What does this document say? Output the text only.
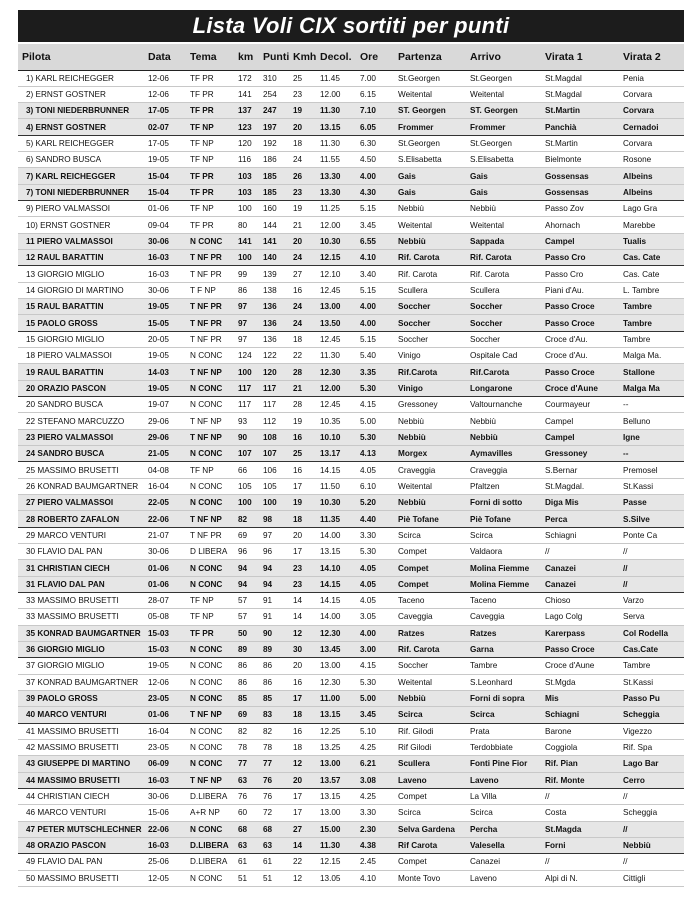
Lista Voli CIX sortiti per punti
Pilota	Data	Tema	km	Punti	Kmh	Decol.	Ore	Partenza	Arrivo	Virata 1	Virata 2
1) KARL REICHEGGER	12-06	TF PR	172	310	25	11.45	7.00	St.Georgen	St.Georgen	St.Magdal	Penia
2) ERNST GOSTNER	12-06	TF PR	141	254	23	12.00	6.15	Weitental	Weitental	St.Magdal	Corvara
3) TONI NIEDERBRUNNER	17-05	TF PR	137	247	19	11.30	7.10	ST. Georgen	ST. Georgen	St.Martin	Corvara
4) ERNST GOSTNER	02-07	TF NP	123	197	20	13.15	6.05	Frommer	Frommer	Panchià	Cernadoi
5) KARL REICHEGGER	17-05	TF NP	120	192	18	11.30	6.30	St.Georgen	St.Georgen	St.Martin	Corvara
6) SANDRO BUSCA	19-05	TF NP	116	186	24	11.55	4.50	S.Elisabetta	S.Elisabetta	Bielmonte	Rosone
7) KARL REICHEGGER	15-04	TF PR	103	185	26	13.30	4.00	Gais	Gais	Gossensas	Albeins
7) TONI NIEDERBRUNNER	15-04	TF PR	103	185	23	13.30	4.30	Gais	Gais	Gossensas	Albeins
9) PIERO VALMASSOI	01-06	TF NP	100	160	19	11.25	5.15	Nebbiù	Nebbiù	Passo Zov	Lago Gra
10) ERNST GOSTNER	09-04	TF PR	80	144	21	12.00	3.45	Weitental	Weitental	Ahornach	Marebbe
11 PIERO VALMASSOI	30-06	N CONC	141	141	20	10.30	6.55	Nebbiù	Sappada	Campel	Tualis
12 RAUL BARATTIN	16-03	T NF PR	100	140	24	12.15	4.10	Rif. Carota	Rif. Carota	Passo Cro	Cas. Cate
13 GIORGIO MIGLIO	16-03	T NF PR	99	139	27	12.10	3.40	Rif. Carota	Rif. Carota	Passo Cro	Cas. Cate
14 GIORGIO DI MARTINO	30-06	T F NP	86	138	16	12.45	5.15	Scullera	Scullera	Piani d'Au.	L. Tambre
15 RAUL BARATTIN	19-05	T NF PR	97	136	24	13.00	4.00	Soccher	Soccher	Passo Croce	Tambre
15 PAOLO GROSS	15-05	T NF PR	97	136	24	13.50	4.00	Soccher	Soccher	Passo Croce	Tambre
15 GIORGIO MIGLIO	20-05	T NF PR	97	136	18	12.45	5.15	Soccher	Soccher	Croce d'Au.	Tambre
18 PIERO VALMASSOI	19-05	N CONC	124	122	22	11.30	5.40	Vinigo	Ospitale Cad	Croce d'Au.	Malga Ma.
19 RAUL BARATTIN	14-03	T NF NP	100	120	28	12.30	3.35	Rif.Carota	Rif.Carota	Passo Croce	Stallone
20 ORAZIO PASCON	19-05	N CONC	117	117	21	12.00	5.30	Vinigo	Longarone	Croce d'Aune	Malga Ma
20 SANDRO BUSCA	19-07	N CONC	117	117	28	12.45	4.15	Gressoney	Valtournanche	Courmayeur	--
22 STEFANO MARCUZZO	29-06	T NF NP	93	112	19	10.35	5.00	Nebbiù	Nebbiù	Campel	Belluno
23 PIERO VALMASSOI	29-06	T NF NP	90	108	16	10.10	5.30	Nebbiù	Nebbiù	Campel	Igne
24 SANDRO BUSCA	21-05	N CONC	107	107	25	13.17	4.13	Morgex	Aymavilles	Gressoney	--
25 MASSIMO BRUSETTI	04-08	TF NP	66	106	16	14.15	4.05	Craveggia	Craveggia	S.Bernar	Premosel
26 KONRAD BAUMGARTNER	16-04	N CONC	105	105	17	11.50	6.10	Weitental	Pfaltzen	St.Magdal.	St.Kassi
27 PIERO VALMASSOI	22-05	N CONC	100	100	19	10.30	5.20	Nebbiù	Forni di sotto	Diga Mis	Passe
28 ROBERTO ZAFALON	22-06	T NF NP	82	98	18	11.35	4.40	Piè Tofane	Piè Tofane	Perca	S.Silve
29 MARCO VENTURI	21-07	T NF PR	69	97	20	14.00	3.30	Scirca	Scirca	Schiagni	Ponte Ca
30 FLAVIO DAL PAN	30-06	D LIBERA	96	96	17	13.15	5.30	Compet	Valdaora	//	//
31 CHRISTIAN CIECH	01-06	N CONC	94	94	23	14.10	4.05	Compet	Molina Fiemme	Canazei	//
31 FLAVIO DAL PAN	01-06	N CONC	94	94	23	14.15	4.05	Compet	Molina Fiemme	Canazei	//
33 MASSIMO BRUSETTI	28-07	TF NP	57	91	14	14.15	4.05	Taceno	Taceno	Chioso	Varzo
33 MASSIMO BRUSETTI	05-08	TF NP	57	91	14	14.00	3.05	Caveggia	Caveggia	Lago Colg	Serva
35 KONRAD BAUMGARTNER	15-03	TF PR	50	90	12	12.30	4.00	Ratzes	Ratzes	Karerpass	Col Rodella
36 GIORGIO MIGLIO	15-03	N CONC	89	89	30	13.45	3.00	Rif. Carota	Garna	Passo Croce	Cas.Cate
37 GIORGIO MIGLIO	19-05	N CONC	86	86	20	13.00	4.15	Soccher	Tambre	Croce d'Aune	Tambre
37 KONRAD BAUMGARTNER	12-06	N CONC	86	86	16	12.30	5.30	Weitental	S.Leonhard	St.Mgda	St.Kassi
39 PAOLO GROSS	23-05	N CONC	85	85	17	11.00	5.00	Nebbiù	Forni di sopra	Mis	Passo Pu
40 MARCO VENTURI	01-06	T NF NP	69	83	18	13.15	3.45	Scirca	Scirca	Schiagni	Scheggia
41 MASSIMO BRUSETTI	16-04	N CONC	82	82	16	12.25	5.10	Rif. Gilodi	Prata	Barone	Vigezzo
42 MASSIMO BRUSETTI	23-05	N CONC	78	78	18	13.25	4.25	Rif Gilodi	Terdobbiate	Coggiola	Rif. Spa
43 GIUSEPPE DI MARTINO	06-09	N CONC	77	77	12	13.00	6.21	Scullera	Fonti Pine Fior	Rif. Pian	Lago Bar
44 MASSIMO BRUSETTI	16-03	T NF NP	63	76	20	13.57	3.08	Laveno	Laveno	Rif. Monte	Cerro
44 CHRISTIAN CIECH	30-06	D.LIBERA	76	76	17	13.15	4.25	Compet	La Villa	//	//
46 MARCO VENTURI	15-06	A+R NP	60	72	17	13.00	3.30	Scirca	Scirca	Costa	Scheggia
47 PETER MUTSCHLECHNER	22-06	N CONC	68	68	27	15.00	2.30	Selva Gardena	Percha	St.Magda	//
48 ORAZIO PASCON	16-03	D.LIBERA	63	63	14	11.30	4.38	Rif Carota	Valesella	Forni	Nebbiù
49 FLAVIO DAL PAN	25-06	D.LIBERA	61	61	22	12.15	2.45	Compet	Canazei	//	//
50 MASSIMO BRUSETTI	12-05	N CONC	51	51	12	13.05	4.10	Monte Tovo	Laveno	Alpi di N.	Cittigli
